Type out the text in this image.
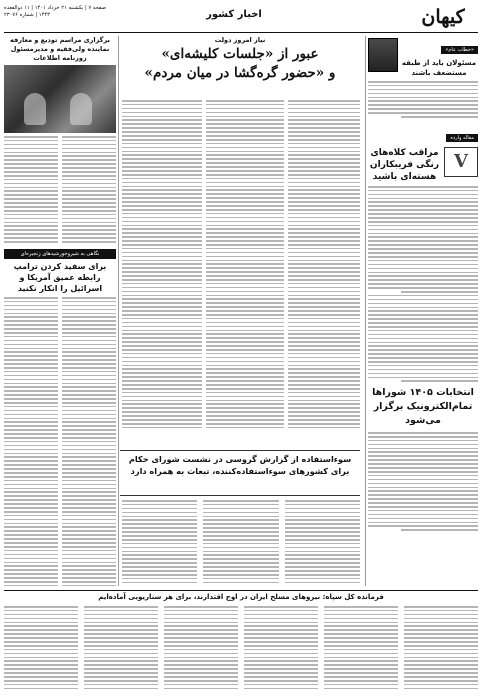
کیهان
اخبار کشور
صفحه ۷ | یکشنبه ۲۱ خرداد ۱۴۰۱ | ۱۱ ذوالقعده ۱۴۴۳ | شماره ۲۳۰۷۶
«خطاب عام»
مسئولان باید از طبقه مستضعف باشند
مقاله وارده
V
مراقب کلاه‌های رنگی فریبکاران هسته‌ای باشید
انتخابات ۱۴۰۵ شوراها تمام‌الکترونیک برگزار می‌شود
نیاز امروز دولت
عبور از «جلسات کلیشه‌ای»
و «حضور گره‌گشا در میان مردم»
سوءاستفاده از گزارش گروسی در نشست شورای حکام
برای کشورهای سوءاستفاده‌کننده، تبعات به همراه دارد
برگزاری مراسم تودیع و معارفه نماینده ولی‌فقیه و مدیرمسئول روزنامه اطلاعات
نگاهی به شیروخورشیدهای زنجیره‌ای
برای سفید کردن ترامپ رابطه عمیق آمریکا و اسرائیل را انکار نکنید
فرمانده کل سپاه: نیروهای مسلح ایران در اوج اقتدارند، برای هر سناریویی آماده‌ایم
